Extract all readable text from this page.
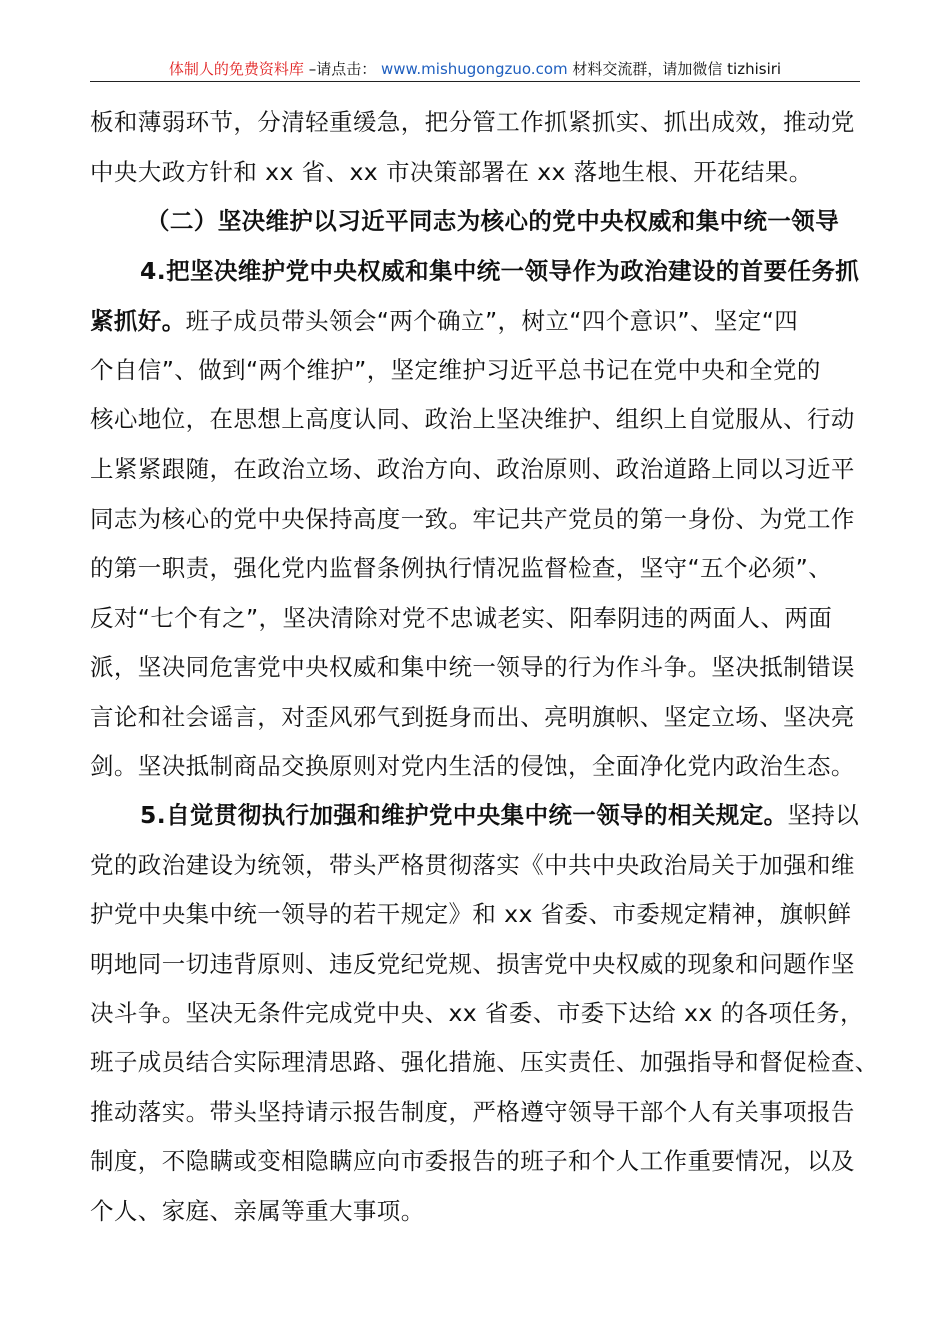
体制人的免费资料库 –请点击： www.mishugongzuo.com 材料交流群，请加微信 tizhisiri
板和薄弱环节，分清轻重缓急，把分管工作抓紧抓实、抓出成效，推动党
中央大政方针和 xx 省、xx 市决策部署在 xx 落地生根、开花结果。
（二）坚决维护以习近平同志为核心的党中央权威和集中统一领导
4.把坚决维护党中央权威和集中统一领导作为政治建设的首要任务抓
紧抓好。班子成员带头领会“两个确立”，树立“四个意识”、坚定“四
个自信”、做到“两个维护”，坚定维护习近平总书记在党中央和全党的
核心地位，在思想上高度认同、政治上坚决维护、组织上自觉服从、行动
上紧紧跟随，在政治立场、政治方向、政治原则、政治道路上同以习近平
同志为核心的党中央保持高度一致。牢记共产党员的第一身份、为党工作
的第一职责，强化党内监督条例执行情况监督检查，坚守“五个必须”、
反对“七个有之”，坚决清除对党不忠诚老实、阳奉阴违的两面人、两面
派，坚决同危害党中央权威和集中统一领导的行为作斗争。坚决抵制错误
言论和社会谣言，对歪风邪气到挺身而出、亮明旗帜、坚定立场、坚决亮
剑。坚决抵制商品交换原则对党内生活的侵蚀，全面净化党内政治生态。
5.自觉贯彻执行加强和维护党中央集中统一领导的相关规定。坚持以
党的政治建设为统领，带头严格贯彻落实《中共中央政治局关于加强和维
护党中央集中统一领导的若干规定》和 xx 省委、市委规定精神，旗帜鲜
明地同一切违背原则、违反党纪党规、损害党中央权威的现象和问题作坚
决斗争。坚决无条件完成党中央、xx 省委、市委下达给 xx 的各项任务，
班子成员结合实际理清思路、强化措施、压实责任、加强指导和督促检查、
推动落实。带头坚持请示报告制度，严格遵守领导干部个人有关事项报告
制度，不隐瞒或变相隐瞒应向市委报告的班子和个人工作重要情况，以及
个人、家庭、亲属等重大事项。
